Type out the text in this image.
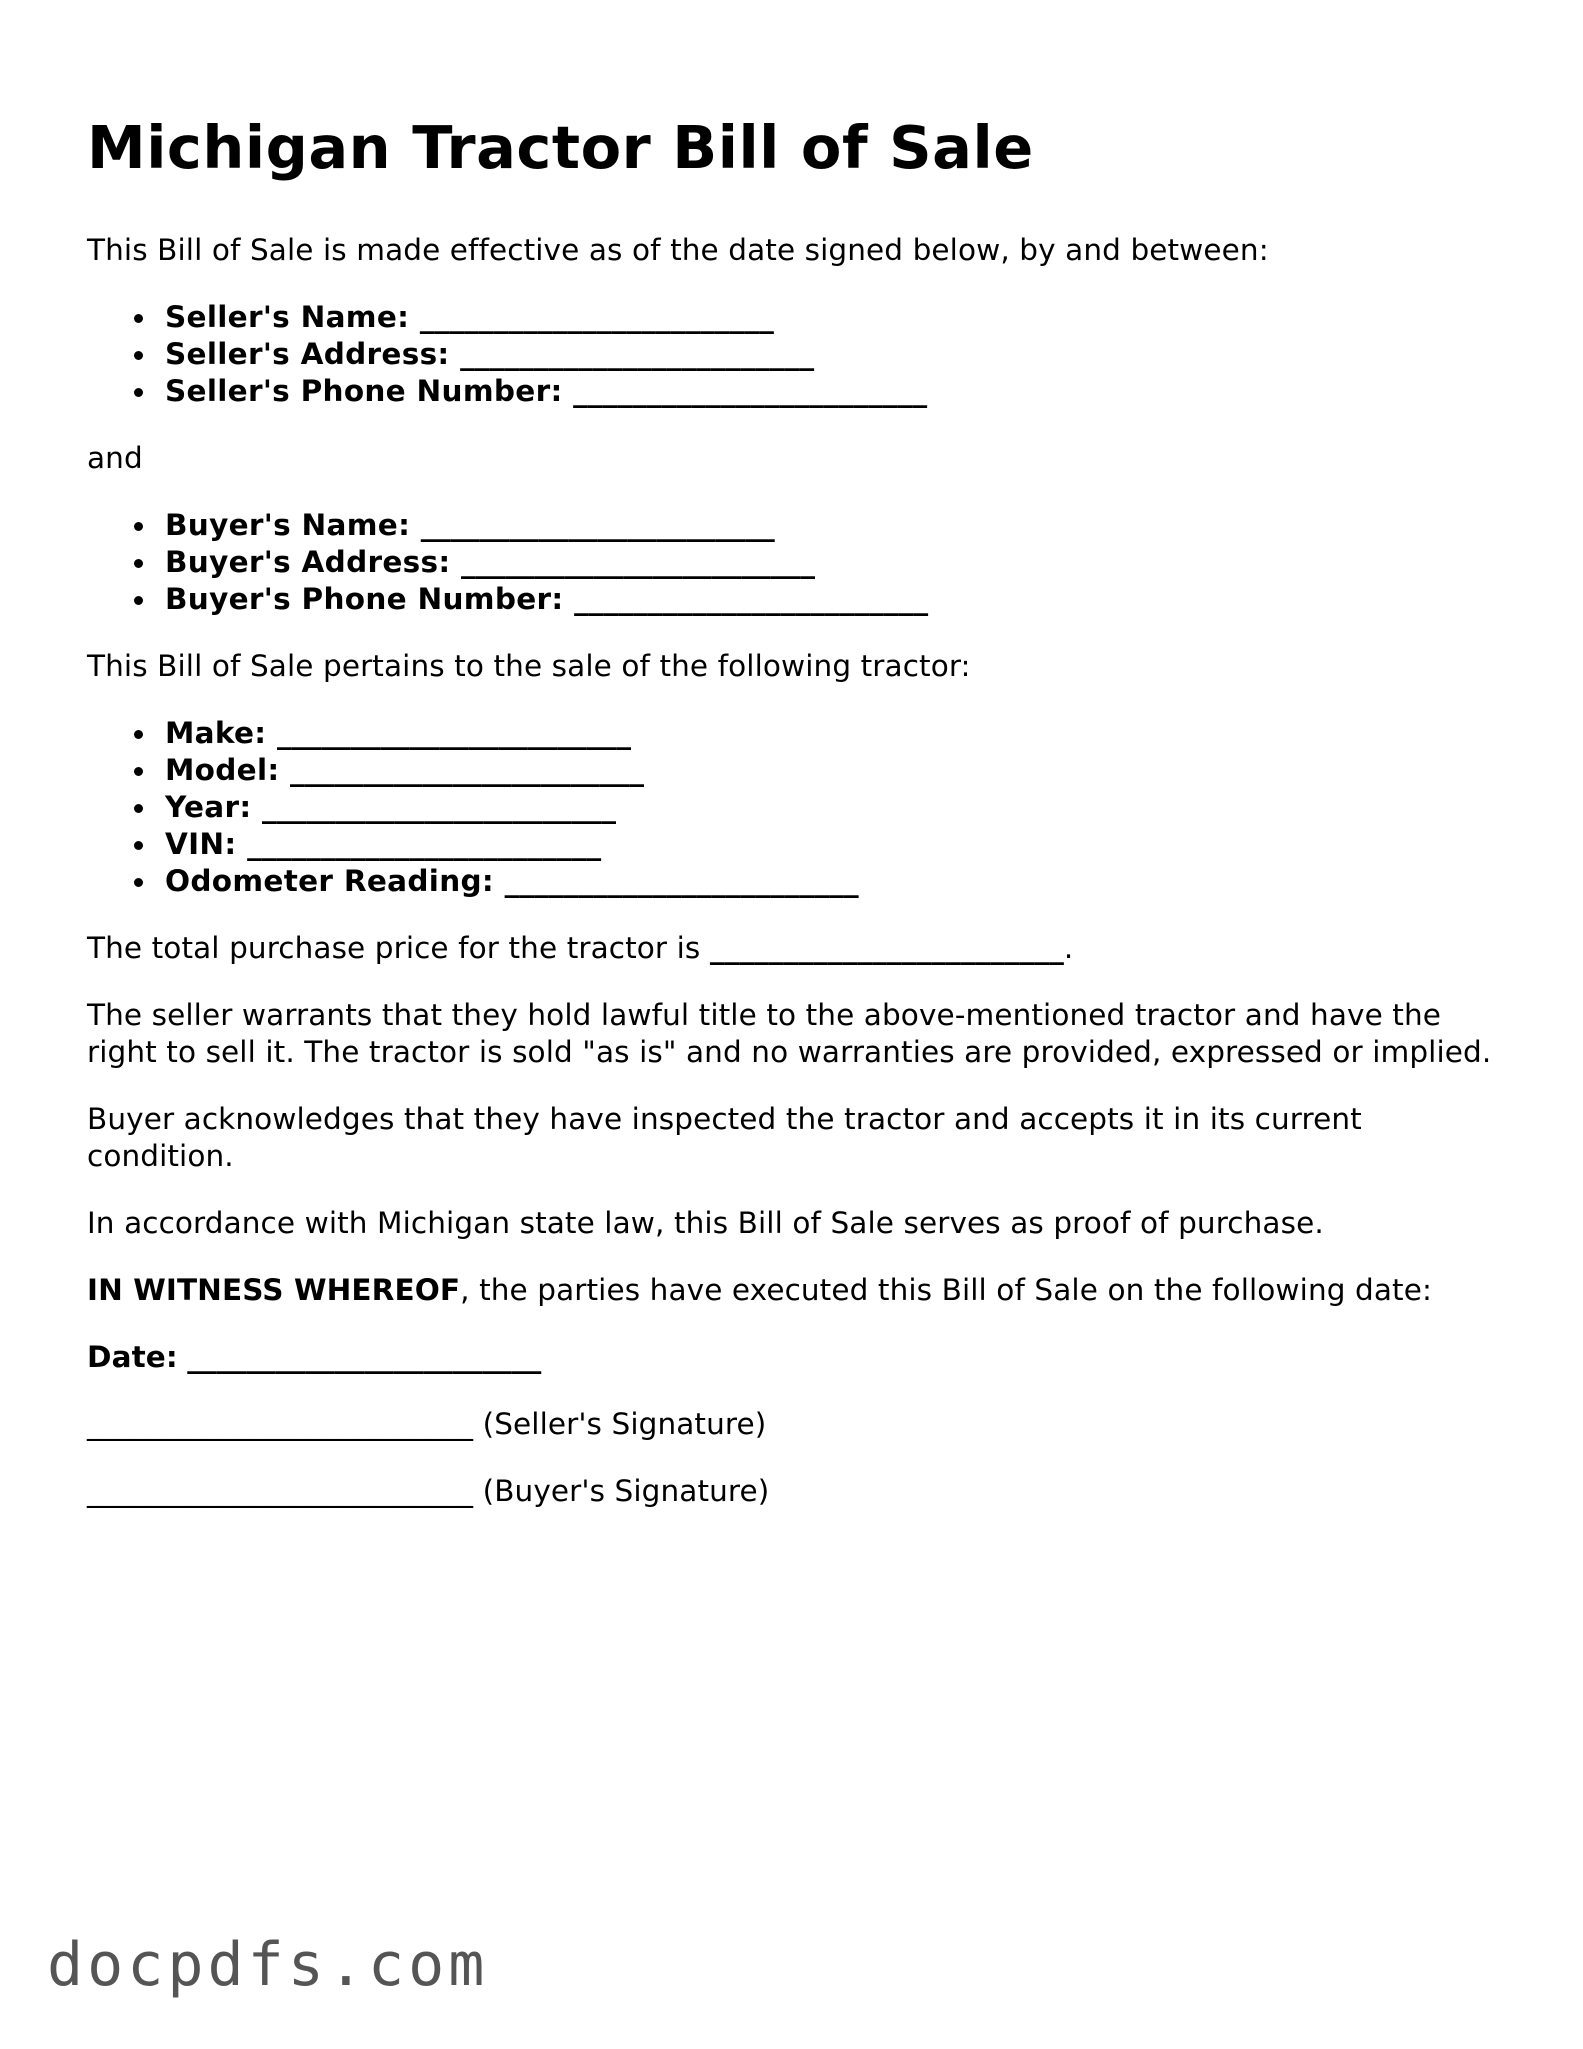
Michigan Tractor Bill of Sale

This Bill of Sale is made effective as of the date signed below, by and between:

Seller's Name: ________________________
Seller's Address: ________________________
Seller's Phone Number: ________________________

and

Buyer's Name: ________________________
Buyer's Address: ________________________
Buyer's Phone Number: ________________________

This Bill of Sale pertains to the sale of the following tractor:

Make: ________________________
Model: ________________________
Year: ________________________
VIN: ________________________
Odometer Reading: ________________________

The total purchase price for the tractor is ________________________.

The seller warrants that they hold lawful title to the above-mentioned tractor and have the right to sell it. The tractor is sold "as is" and no warranties are provided, expressed or implied.

Buyer acknowledges that they have inspected the tractor and accepts it in its current condition.

In accordance with Michigan state law, this Bill of Sale serves as proof of purchase.

IN WITNESS WHEREOF, the parties have executed this Bill of Sale on the following date:

Date: ________________________

__________________________ (Seller's Signature)

__________________________ (Buyer's Signature)

docpdfs.com
